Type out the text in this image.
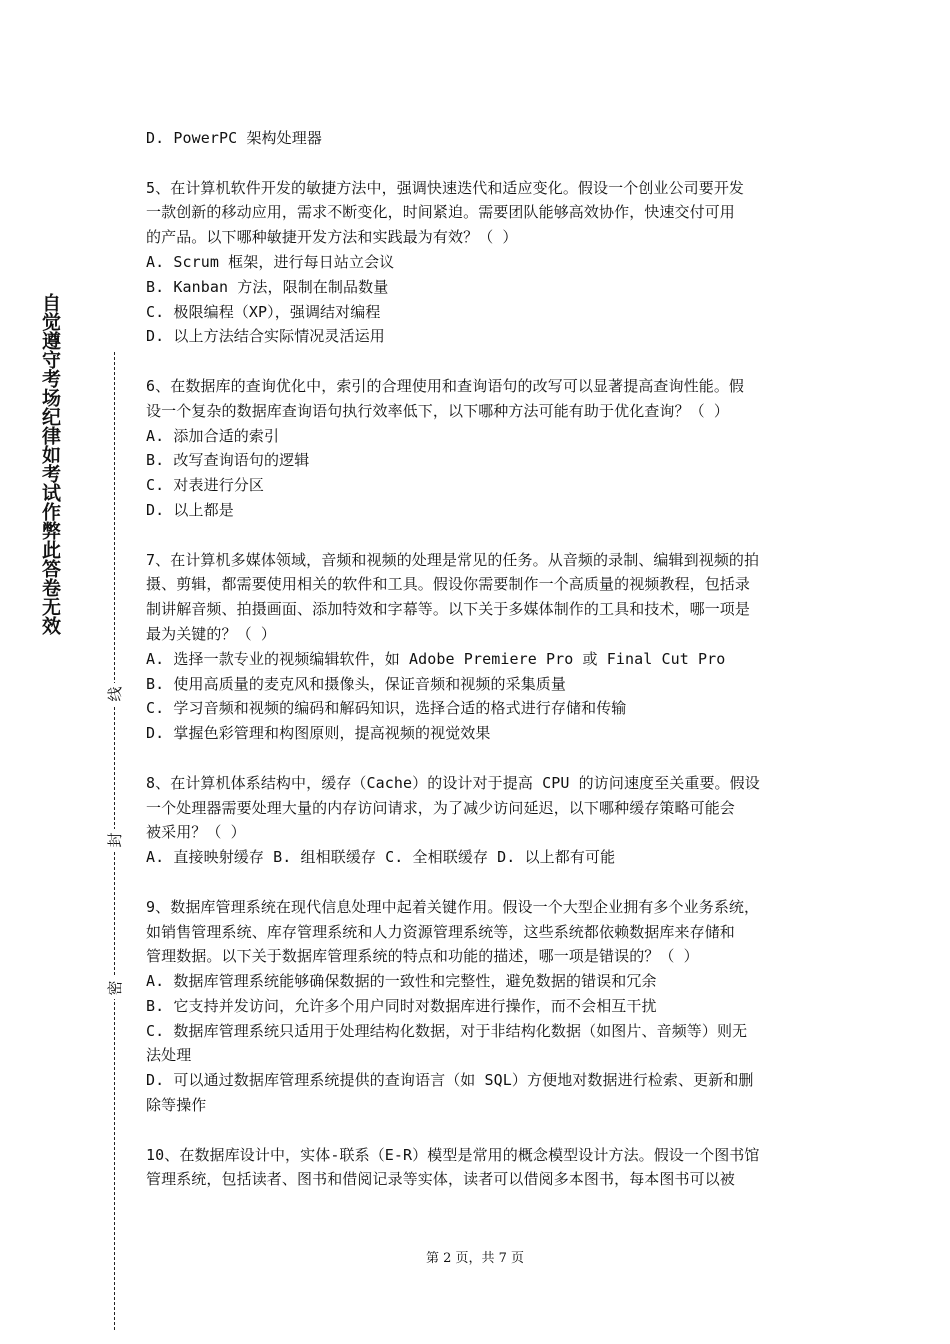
自觉遵守考场纪律如考试作弊此答卷无效
线
封
密
D. PowerPC 架构处理器
5、在计算机软件开发的敏捷方法中，强调快速迭代和适应变化。假设一个创业公司要开发
一款创新的移动应用，需求不断变化，时间紧迫。需要团队能够高效协作，快速交付可用
的产品。以下哪种敏捷开发方法和实践最为有效？（ ）
A. Scrum 框架，进行每日站立会议
B. Kanban 方法，限制在制品数量
C. 极限编程（XP），强调结对编程
D. 以上方法结合实际情况灵活运用
6、在数据库的查询优化中，索引的合理使用和查询语句的改写可以显著提高查询性能。假
设一个复杂的数据库查询语句执行效率低下，以下哪种方法可能有助于优化查询？（ ）
A. 添加合适的索引
B. 改写查询语句的逻辑
C. 对表进行分区
D. 以上都是
7、在计算机多媒体领域，音频和视频的处理是常见的任务。从音频的录制、编辑到视频的拍
摄、剪辑，都需要使用相关的软件和工具。假设你需要制作一个高质量的视频教程，包括录
制讲解音频、拍摄画面、添加特效和字幕等。以下关于多媒体制作的工具和技术，哪一项是
最为关键的？（ ）
A. 选择一款专业的视频编辑软件，如 Adobe Premiere Pro 或 Final Cut Pro
B. 使用高质量的麦克风和摄像头，保证音频和视频的采集质量
C. 学习音频和视频的编码和解码知识，选择合适的格式进行存储和传输
D. 掌握色彩管理和构图原则，提高视频的视觉效果
8、在计算机体系结构中，缓存（Cache）的设计对于提高 CPU 的访问速度至关重要。假设
一个处理器需要处理大量的内存访问请求，为了减少访问延迟，以下哪种缓存策略可能会
被采用？（ ）
A. 直接映射缓存 B. 组相联缓存 C. 全相联缓存 D. 以上都有可能
9、数据库管理系统在现代信息处理中起着关键作用。假设一个大型企业拥有多个业务系统，
如销售管理系统、库存管理系统和人力资源管理系统等，这些系统都依赖数据库来存储和
管理数据。以下关于数据库管理系统的特点和功能的描述，哪一项是错误的？（ ）
A. 数据库管理系统能够确保数据的一致性和完整性，避免数据的错误和冗余
B. 它支持并发访问，允许多个用户同时对数据库进行操作，而不会相互干扰
C. 数据库管理系统只适用于处理结构化数据，对于非结构化数据（如图片、音频等）则无
法处理
D. 可以通过数据库管理系统提供的查询语言（如 SQL）方便地对数据进行检索、更新和删
除等操作
10、在数据库设计中，实体-联系（E-R）模型是常用的概念模型设计方法。假设一个图书馆
管理系统，包括读者、图书和借阅记录等实体，读者可以借阅多本图书，每本图书可以被
第 2 页，共 7 页
